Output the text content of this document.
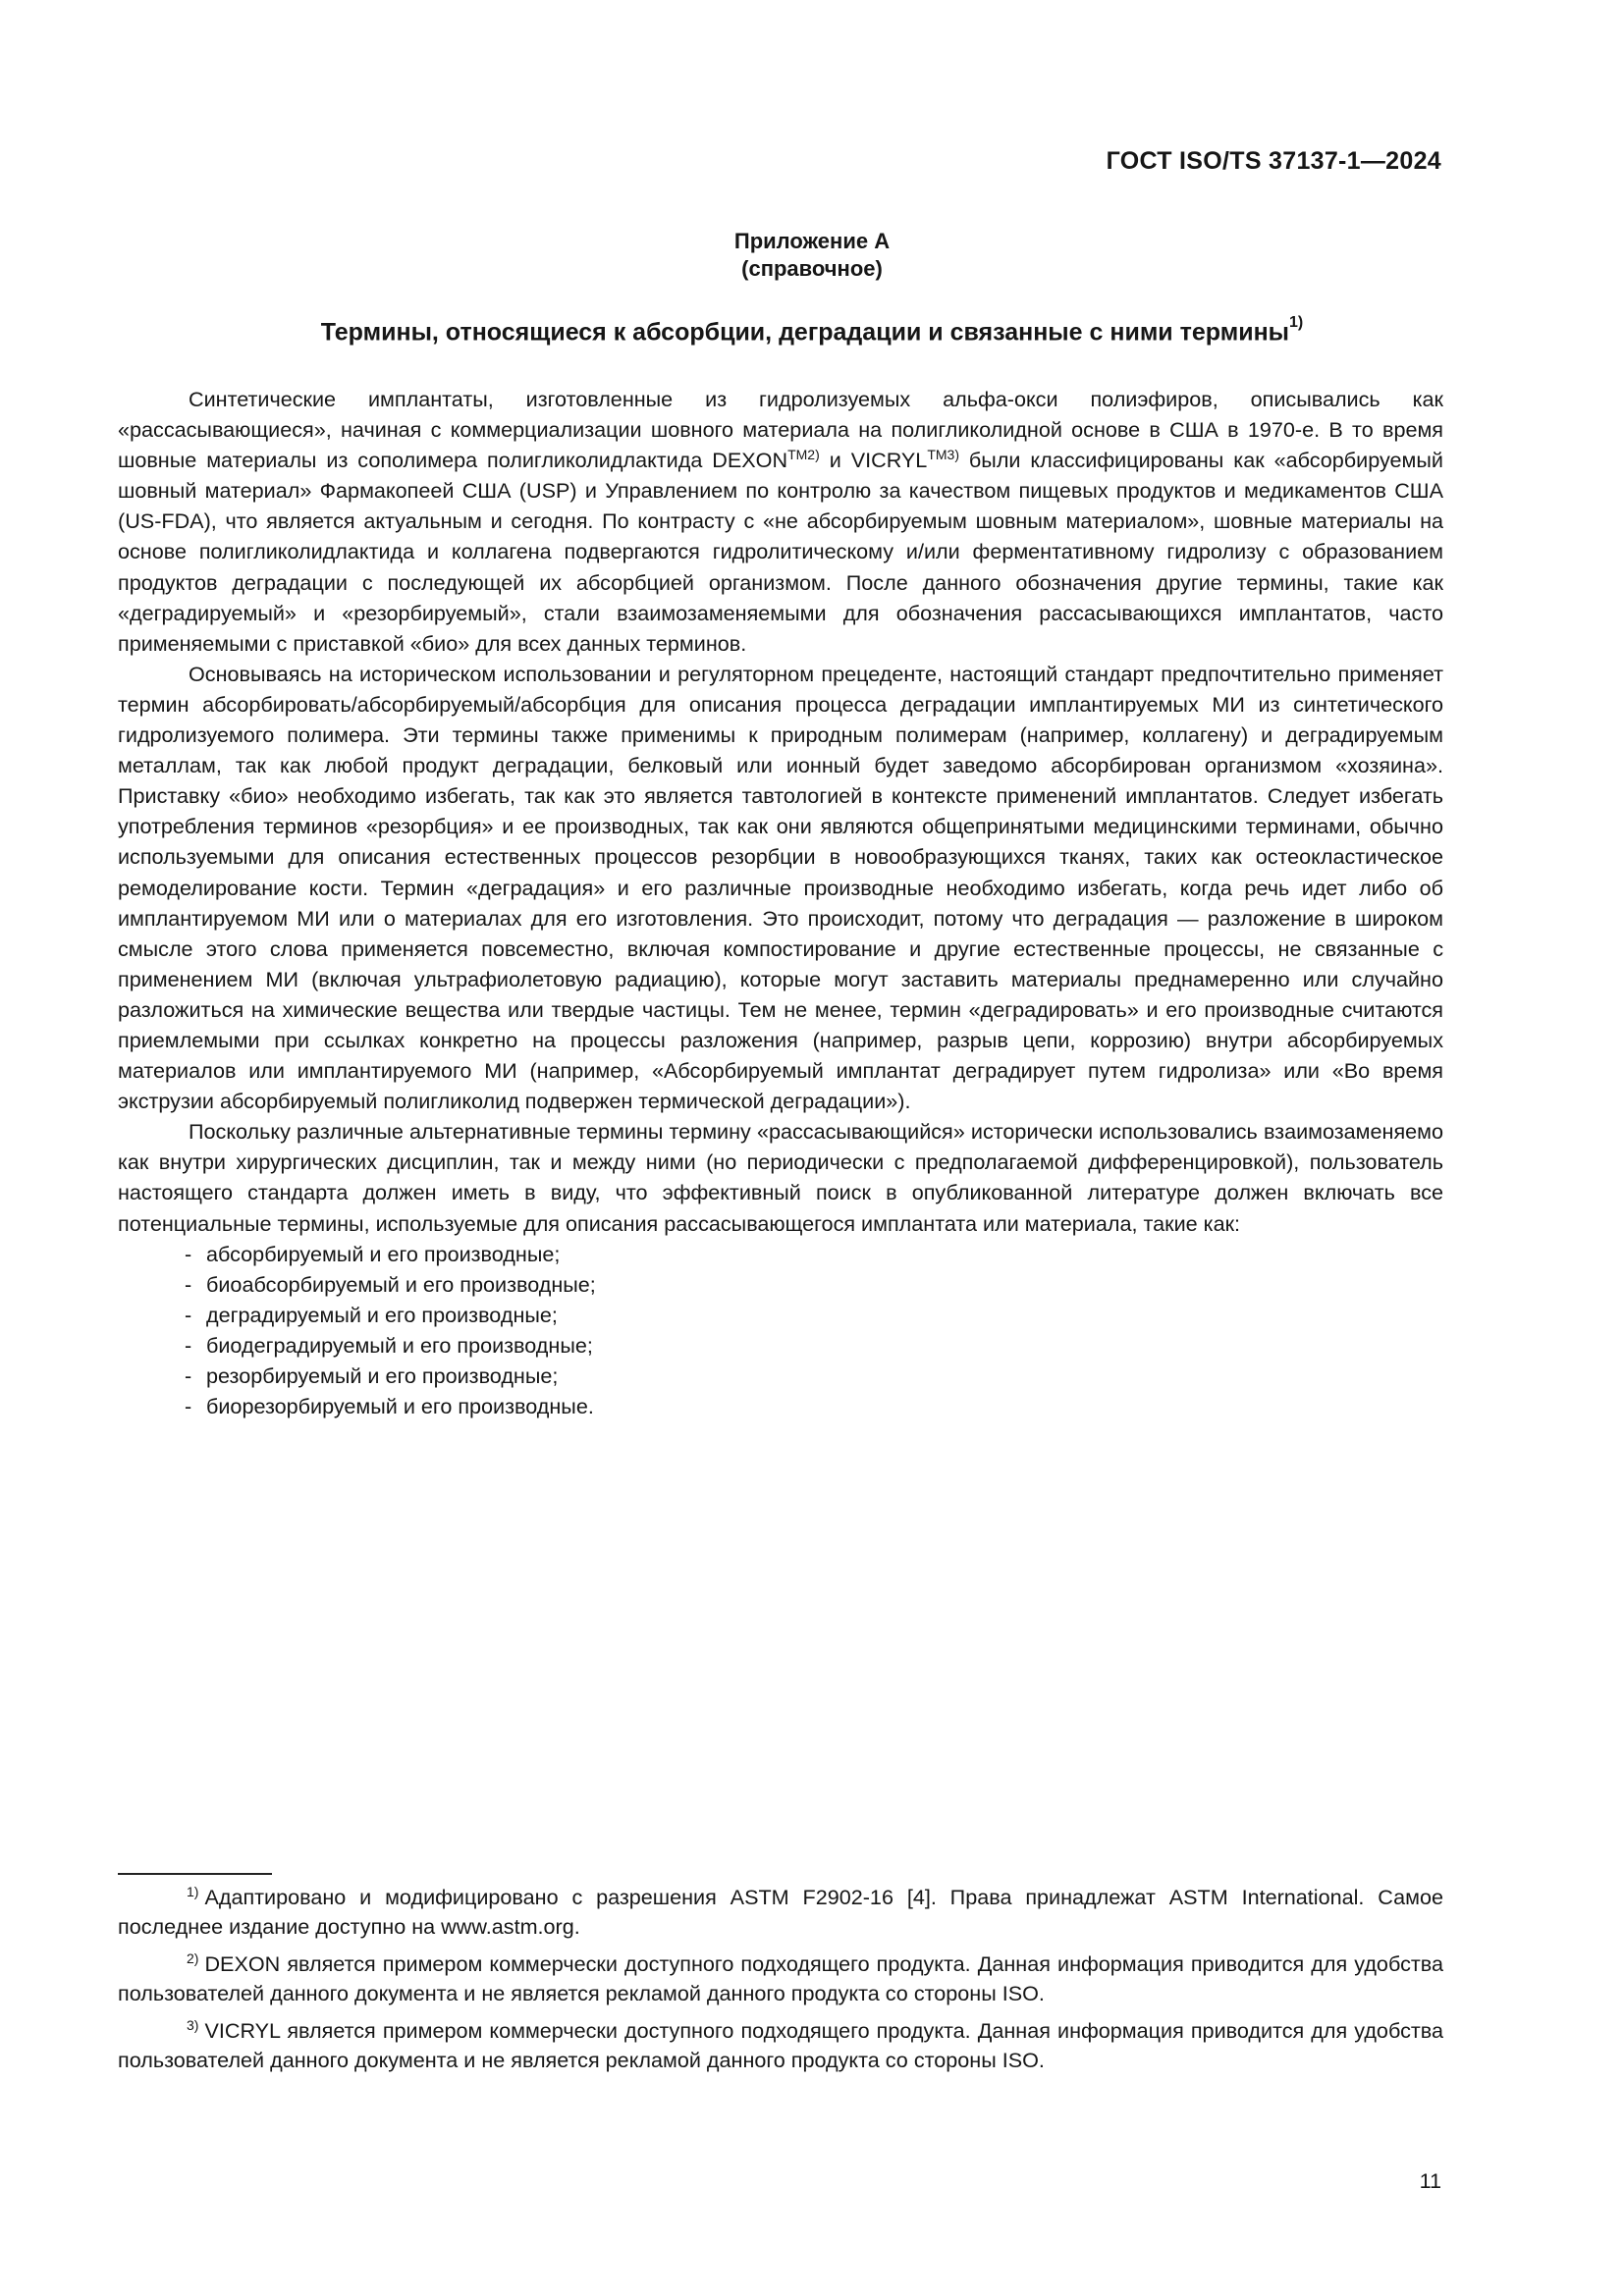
ГОСТ ISO/TS 37137-1—2024
Приложение А
(справочное)
Термины, относящиеся к абсорбции, деградации и связанные с ними термины$^{1)}$

Синтетические имплантаты, изготовленные из гидролизуемых альфа-окси полиэфиров, описывались как «рассасывающиеся», начиная с коммерциализации шовного материала на полигликолидной основе в США в 1970-е. В то время шовные материалы из сополимера полигликолидлактида $DEXON^{TM2)}$ и $VICRYL^{TM3)}$ были классифицированы как «абсорбируемый шовный материал» Фармакопеей США (USP) и Управлением по контролю за качеством пищевых продуктов и медикаментов США (US-FDA), что является актуальным и сегодня. По контрасту с «не абсорбируемым шовным материалом», шовные материалы на основе полигликолидлактида и коллагена подвергаются гидролитическому и/или ферментативному гидролизу с образованием продуктов деградации с последующей их абсорбцией организмом. После данного обозначения другие термины, такие как «деградируемый» и «резорбируемый», стали взаимозаменяемыми для обозначения рассасывающихся имплантатов, часто применяемыми с приставкой «био» для всех данных терминов.

Основываясь на историческом использовании и регуляторном прецеденте, настоящий стандарт предпочтительно применяет термин абсорбировать/абсорбируемый/абсорбция для описания процесса деградации имплантируемых МИ из синтетического гидролизуемого полимера. Эти термины также применимы к природным полимерам (например, коллагену) и деградируемым металлам, так как любой продукт деградации, белковый или ионный будет заведомо абсорбирован организмом «хозяина». Приставку «био» необходимо избегать, так как это является тавтологией в контексте применений имплантатов. Следует избегать употребления терминов «резорбция» и ее производных, так как они являются общепринятыми медицинскими терминами, обычно используемыми для описания естественных процессов резорбции в новообразующихся тканях, таких как остеокластическое ремоделирование кости. Термин «деградация» и его различные производные необходимо избегать, когда речь идет либо об имплантируемом МИ или о материалах для его изготовления. Это происходит, потому что деградация — разложение в широком смысле этого слова применяется повсеместно, включая компостирование и другие естественные процессы, не связанные с применением МИ (включая ультрафиолетовую радиацию), которые могут заставить материалы преднамеренно или случайно разложиться на химические вещества или твердые частицы. Тем не менее, термин «деградировать» и его производные считаются приемлемыми при ссылках конкретно на процессы разложения (например, разрыв цепи, коррозию) внутри абсорбируемых материалов или имплантируемого МИ (например, «Абсорбируемый имплантат деградирует путем гидролиза» или «Во время экструзии абсорбируемый полигликолид подвержен термической деградации»).

Поскольку различные альтернативные термины термину «рассасывающийся» исторически использовались взаимозаменяемо как внутри хирургических дисциплин, так и между ними (но периодически с предполагаемой дифференцировкой), пользователь настоящего стандарта должен иметь в виду, что эффективный поиск в опубликованной литературе должен включать все потенциальные термины, используемые для описания рассасывающегося имплантата или материала, такие как:

- абсорбируемый и его производные;
- биоабсорбируемый и его производные;
- деградируемый и его производные;
- биодеградируемый и его производные;
- резорбируемый и его производные;
- биорезорбируемый и его производные.

$^{1)}$ Адаптировано и модифицировано с разрешения ASTM F2902-16 [4]. Права принадлежат ASTM International. Самое последнее издание доступно на www.astm.org.

$^{2)}$ DEXON является примером коммерчески доступного подходящего продукта. Данная информация приводится для удобства пользователей данного документа и не является рекламой данного продукта со стороны ISO.

$^{3)}$ VICRYL является примером коммерчески доступного подходящего продукта. Данная информация приводится для удобства пользователей данного документа и не является рекламой данного продукта со стороны ISO.

11
